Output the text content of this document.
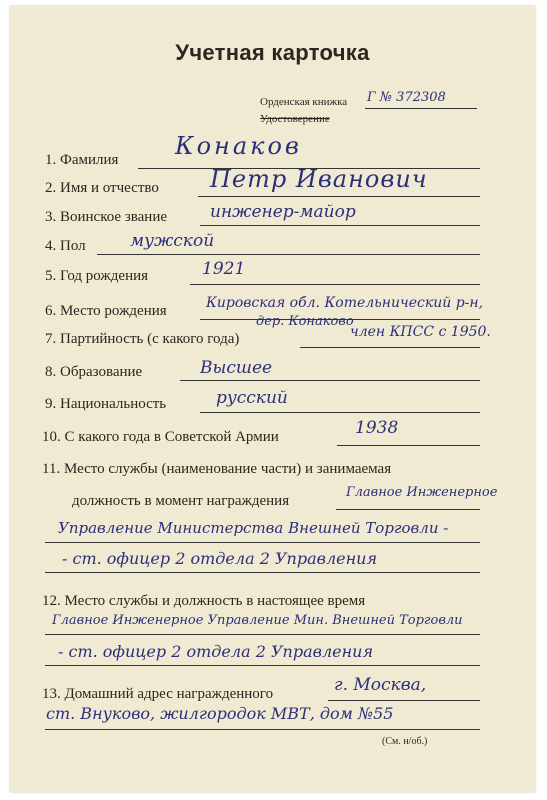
Учетная карточка
Орденская книжка Г № 372308
Удостоверение
1. Фамилия Конаков
2. Имя и отчество Петр Иванович
3. Воинское звание	инженер-майор
4. Пол	мужской
5. Год рождения	1921
6. Место рождения	Кировская обл. Котельнический р-н,
дер. Конаково
7. Партийность (с какого года)	член КПСС с 1950.
8. Образование	Высшее
9. Национальность	русский
10. С какого года в Советской Армии	1938
11. Место службы (наименование части) и занимаемая
должность в момент награждения
Главное Инженерное
Управление Министерства Внешней Торговли -
- ст. офицер 2 отдела 2 Управления
12. Место службы и должность в настоящее время
Главное Инженерное Управление Мин. Внешней Торговли
- ст. офицер 2 отдела 2 Управления
13. Домашний адрес награжденного	г. Москва,
ст. Внуково, жилгородок МВТ, дом №55
(См. н/об.)
